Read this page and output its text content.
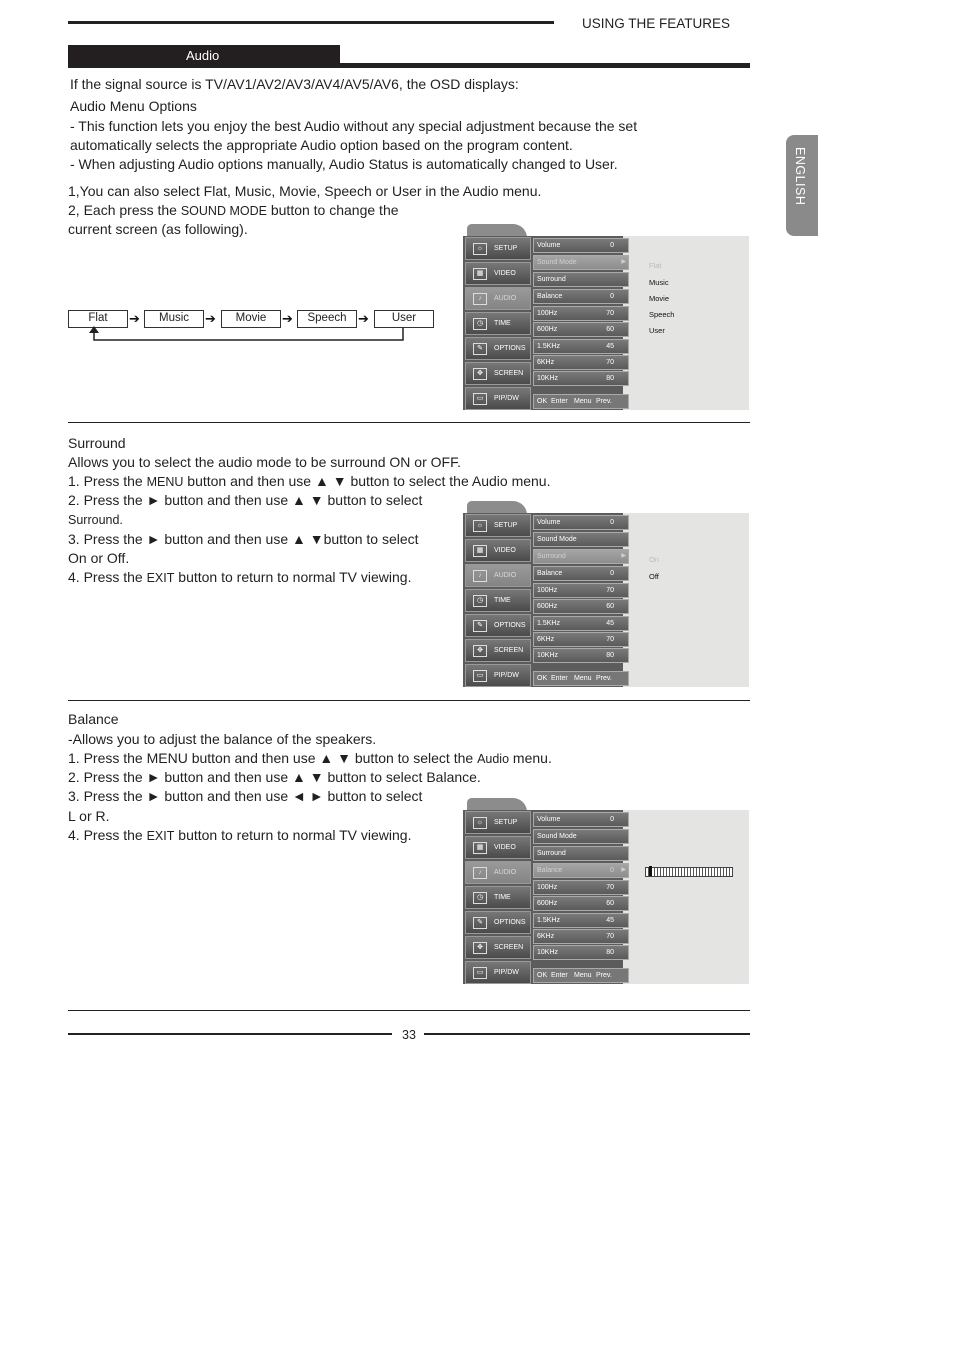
USING THE FEATURES
Audio
ENGLISH
If the signal source is TV/AV1/AV2/AV3/AV4/AV5/AV6, the OSD displays:
Audio Menu Options
- This function lets you enjoy the best Audio without any special adjustment because the set
automatically selects the appropriate Audio option based on the program content.
- When adjusting Audio options manually, Audio Status is automatically changed to User.
1,You can also select Flat, Music, Movie, Speech or User in the Audio menu.
2, Each press the SOUND MODE button to change the
current screen (as following).
Flat	➔	Music	➔	Movie	➔	Speech ➔	User
☼	SETUP
▦	VIDEO
♪	AUDIO
◷	TIME
✎	OPTIONS
✥	SCREEN
▭	PIP/DW
Volume	0
Sound Mode	▶
Surround
Balance	0
100Hz	70
600Hz	60
1.5KHz	45
6KHz	70
10KHz	80
OK Enter Menu Prev.
Flat
Music
Movie
Speech
User
Surround
Allows you to select the audio mode to be surround ON or OFF.
1. Press the MENU button and then use ▲ ▼ button to select the Audio menu.
2. Press the ► button and then use ▲ ▼ button to select
Surround.
3. Press the ► button and then use ▲ ▼button to select
On or Off.
4. Press the EXIT button to return to normal TV viewing.
☼	SETUP
▦	VIDEO
♪	AUDIO
◷	TIME
✎	OPTIONS
✥	SCREEN
▭	PIP/DW
Volume	0
Sound Mode
Surround	▶
Balance	0
100Hz	70
600Hz	60
1.5KHz	45
6KHz	70
10KHz	80
OK Enter Menu Prev.
On
Off
Balance
-Allows you to adjust the balance of the speakers.
1. Press the MENU button and then use ▲ ▼ button to select the Audio menu.
2. Press the ► button and then use ▲ ▼ button to select Balance.
3. Press the ► button and then use ◄ ► button to select
L or R.
4. Press the EXIT button to return to normal TV viewing.
☼	SETUP
▦	VIDEO
♪	AUDIO
◷	TIME
✎	OPTIONS
✥	SCREEN
▭	PIP/DW
Volume	0
Sound Mode
Surround
Balance	0 ▶
100Hz	70
600Hz	60
1.5KHz	45
6KHz	70
10KHz	80
OK Enter Menu Prev.
33
